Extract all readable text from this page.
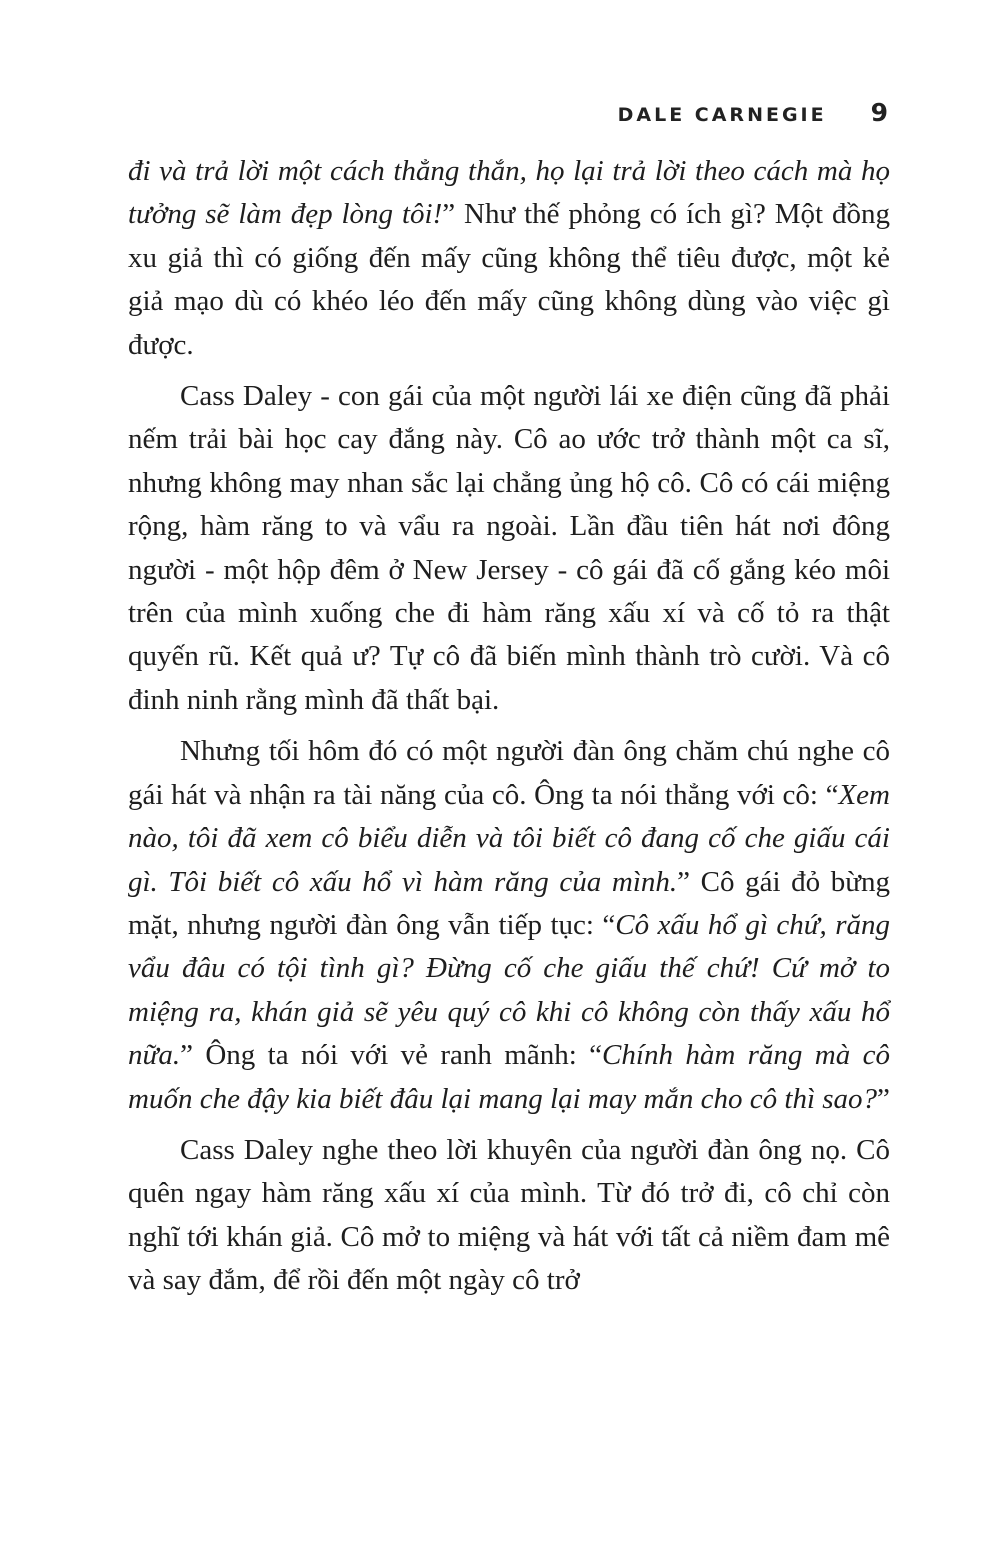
DALE CARNEGIE 9

đi và trả lời một cách thẳng thắn, họ lại trả lời theo cách mà họ tưởng sẽ làm đẹp lòng tôi!” Như thế phỏng có ích gì? Một đồng xu giả thì có giống đến mấy cũng không thể tiêu được, một kẻ giả mạo dù có khéo léo đến mấy cũng không dùng vào việc gì được.

Cass Daley - con gái của một người lái xe điện cũng đã phải nếm trải bài học cay đắng này. Cô ao ước trở thành một ca sĩ, nhưng không may nhan sắc lại chẳng ủng hộ cô. Cô có cái miệng rộng, hàm răng to và vẩu ra ngoài. Lần đầu tiên hát nơi đông người - một hộp đêm ở New Jersey - cô gái đã cố gắng kéo môi trên của mình xuống che đi hàm răng xấu xí và cố tỏ ra thật quyến rũ. Kết quả ư? Tự cô đã biến mình thành trò cười. Và cô đinh ninh rằng mình đã thất bại.

Nhưng tối hôm đó có một người đàn ông chăm chú nghe cô gái hát và nhận ra tài năng của cô. Ông ta nói thẳng với cô: “Xem nào, tôi đã xem cô biểu diễn và tôi biết cô đang cố che giấu cái gì. Tôi biết cô xấu hổ vì hàm răng của mình.” Cô gái đỏ bừng mặt, nhưng người đàn ông vẫn tiếp tục: “Cô xấu hổ gì chứ, răng vẩu đâu có tội tình gì? Đừng cố che giấu thế chứ! Cứ mở to miệng ra, khán giả sẽ yêu quý cô khi cô không còn thấy xấu hổ nữa.” Ông ta nói với vẻ ranh mãnh: “Chính hàm răng mà cô muốn che đậy kia biết đâu lại mang lại may mắn cho cô thì sao?”

Cass Daley nghe theo lời khuyên của người đàn ông nọ. Cô quên ngay hàm răng xấu xí của mình. Từ đó trở đi, cô chỉ còn nghĩ tới khán giả. Cô mở to miệng và hát với tất cả niềm đam mê và say đắm, để rồi đến một ngày cô trở
